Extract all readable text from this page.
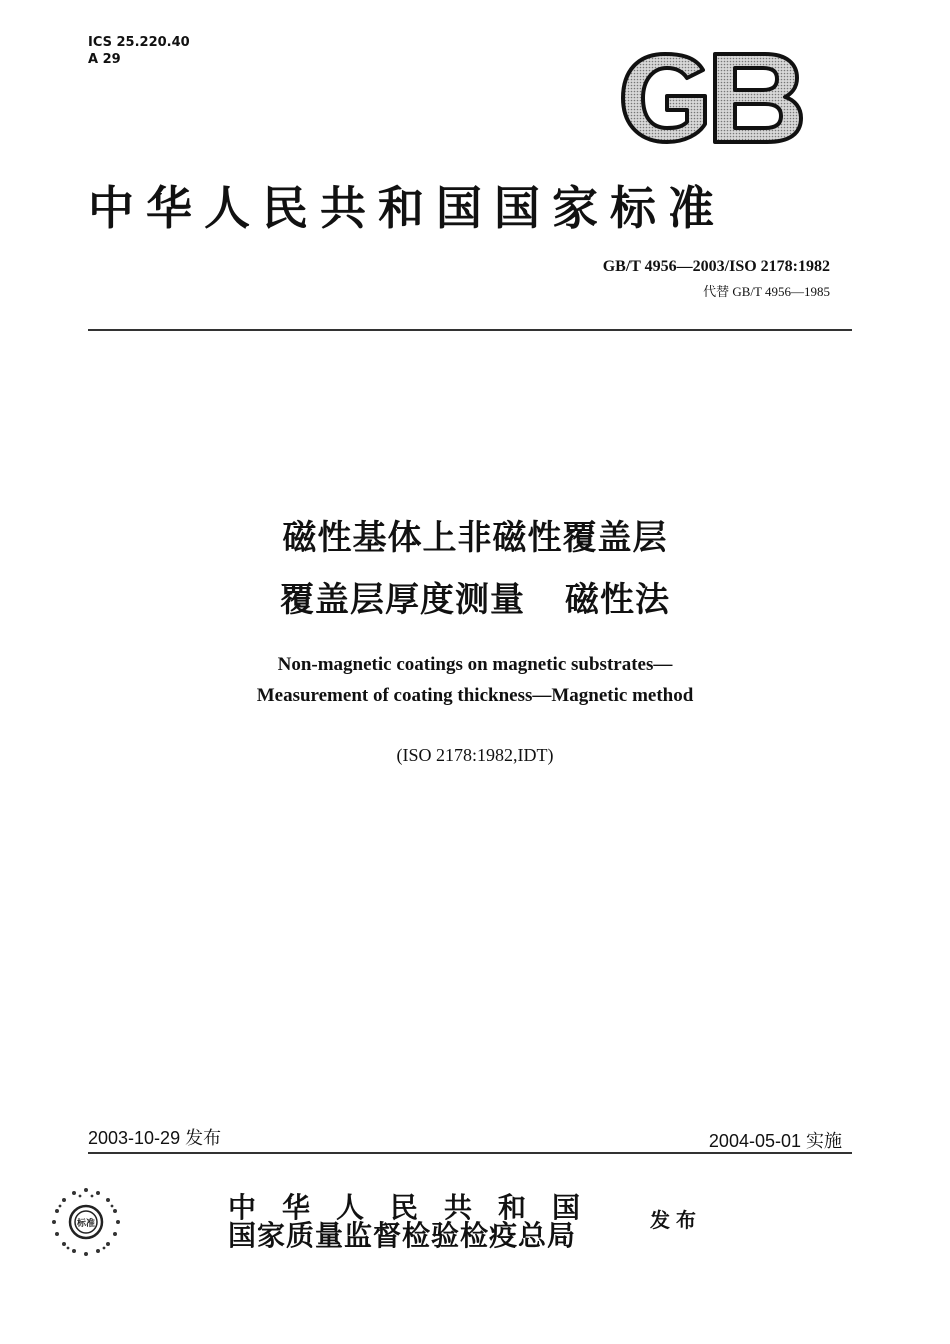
ICS 25.220.40
A 29
中华人民共和国国家标准
GB/T 4956—2003/ISO 2178:1982
代替 GB/T 4956—1985
磁性基体上非磁性覆盖层
覆盖层厚度测量 磁性法
Non-magnetic coatings on magnetic substrates—
Measurement of coating thickness—Magnetic method
(ISO 2178:1982,IDT)
2003-10-29 发布	2004-05-01 实施
标准	中华人民共和国
国家质量监督检验检疫总局	发布
